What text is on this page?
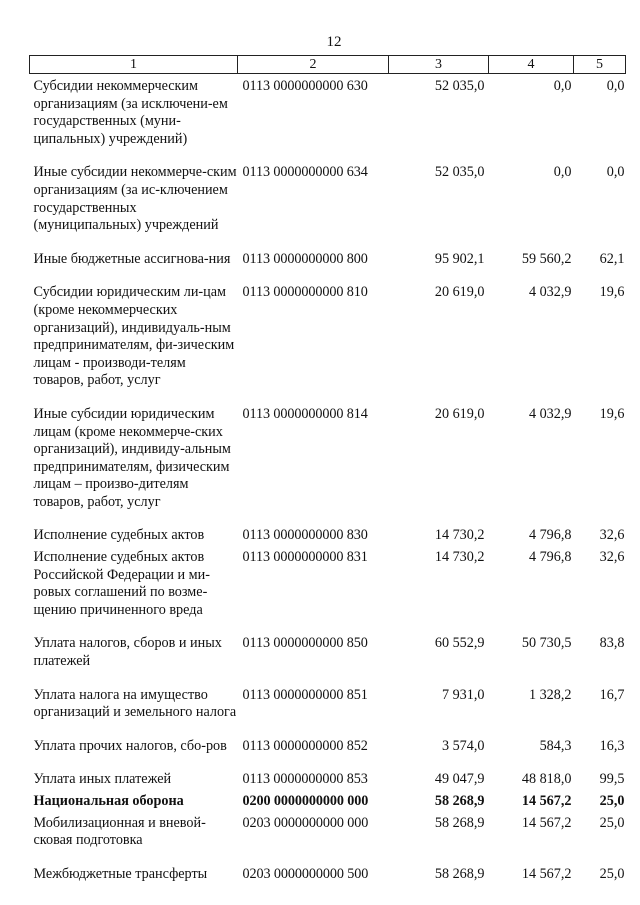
12
1	2	3	4	5
Субсидии некоммерческим организациям (за исключени-ем государственных (муни-ципальных) учреждений)	0113 0000000000 630	52 035,0	0,0	0,0
Иные субсидии некоммерче-ским организациям (за ис-ключением государственных (муниципальных) учреждений	0113 0000000000 634	52 035,0	0,0	0,0
Иные бюджетные ассигнова-ния	0113 0000000000 800	95 902,1	59 560,2	62,1
Субсидии юридическим ли-цам (кроме некоммерческих организаций), индивидуаль-ным предпринимателям, фи-зическим лицам - производи-телям товаров, работ, услуг	0113 0000000000 810	20 619,0	4 032,9	19,6
Иные субсидии юридическим лицам (кроме некоммерче-ских организаций), индивиду-альным предпринимателям, физическим лицам – произво-дителям товаров, работ, услуг	0113 0000000000 814	20 619,0	4 032,9	19,6
Исполнение судебных актов	0113 0000000000 830	14 730,2	4 796,8	32,6
Исполнение судебных актов Российской Федерации и ми-ровых соглашений по возме-щению причиненного вреда	0113 0000000000 831	14 730,2	4 796,8	32,6
Уплата налогов, сборов и иных платежей	0113 0000000000 850	60 552,9	50 730,5	83,8
Уплата налога на имущество организаций и земельного налога	0113 0000000000 851	7 931,0	1 328,2	16,7
Уплата прочих налогов, сбо-ров	0113 0000000000 852	3 574,0	584,3	16,3
Уплата иных платежей	0113 0000000000 853	49 047,9	48 818,0	99,5
Национальная оборона	0200 0000000000 000	58 268,9	14 567,2	25,0
Мобилизационная и вневой-сковая подготовка	0203 0000000000 000	58 268,9	14 567,2	25,0
Межбюджетные трансферты	0203 0000000000 500	58 268,9	14 567,2	25,0
